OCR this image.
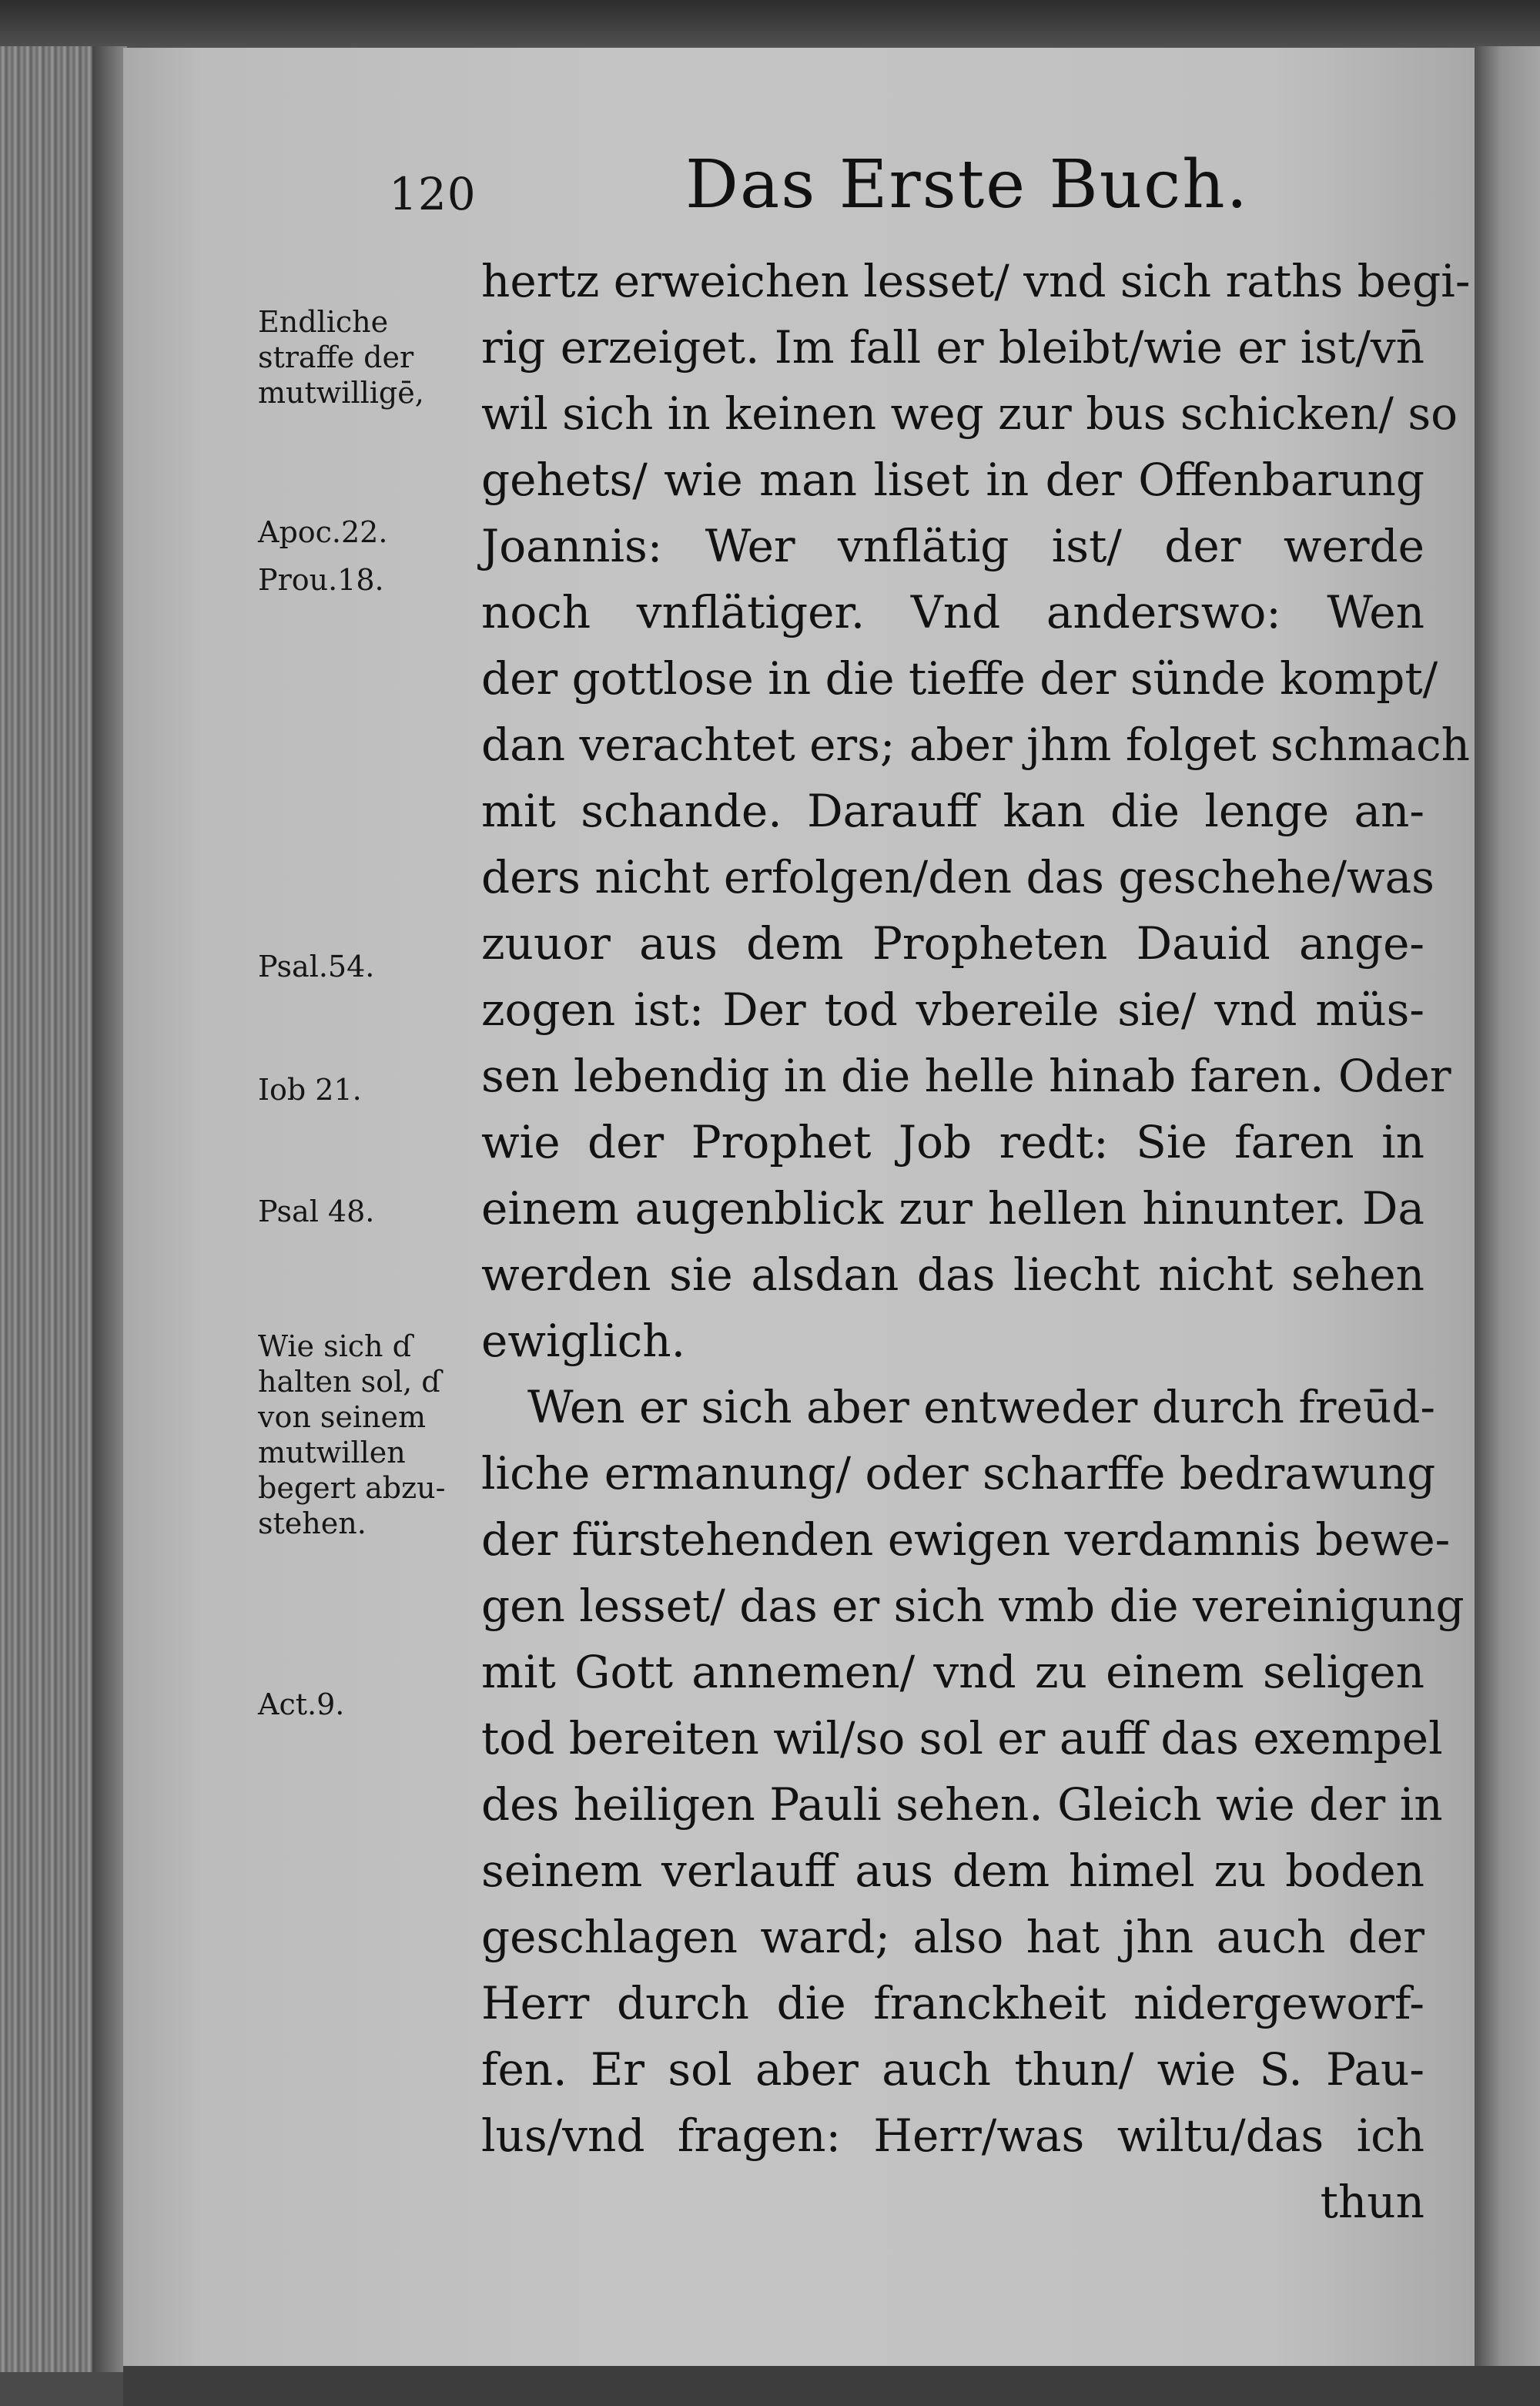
120	Das Erste Buch.
Endliche
straffe der
mutwilligē,
Apoc.22.
Prou.18.
Psal.54.
Iob 21.
Psal 48.
Wie sich ɗ
halten sol, ɗ
von seinem
mutwillen
begert abzu-
stehen.
Act.9.
hertz erweichen lesset/ vnd sich raths begi-
rig erzeiget. Im fall er bleibt/wie er ist/vn̄
wil sich in keinen weg zur bus schicken/ so
gehets/ wie man liset in der Offenbarung
Joannis: Wer vnflätig ist/ der werde
noch vnflätiger. Vnd anderswo: Wen
der gottlose in die tieffe der sünde kompt/
dan verachtet ers; aber jhm folget schmach
mit schande. Darauff kan die lenge an-
ders nicht erfolgen/den das geschehe/was
zuuor aus dem Propheten Dauid ange-
zogen ist: Der tod vbereile sie/ vnd müs-
sen lebendig in die helle hinab faren. Oder
wie der Prophet Job redt: Sie faren in
einem augenblick zur hellen hinunter. Da
werden sie alsdan das liecht nicht sehen
ewiglich.
Wen er sich aber entweder durch freūd-
liche ermanung/ oder scharffe bedrawung
der fürstehenden ewigen verdamnis bewe-
gen lesset/ das er sich vmb die vereinigung
mit Gott annemen/ vnd zu einem seligen
tod bereiten wil/so sol er auff das exempel
des heiligen Pauli sehen. Gleich wie der in
seinem verlauff aus dem himel zu boden
geschlagen ward; also hat jhn auch der
Herr durch die franckheit nidergeworf-
fen. Er sol aber auch thun/ wie S. Pau-
lus/vnd fragen: Herr/was wiltu/das ich
thun
